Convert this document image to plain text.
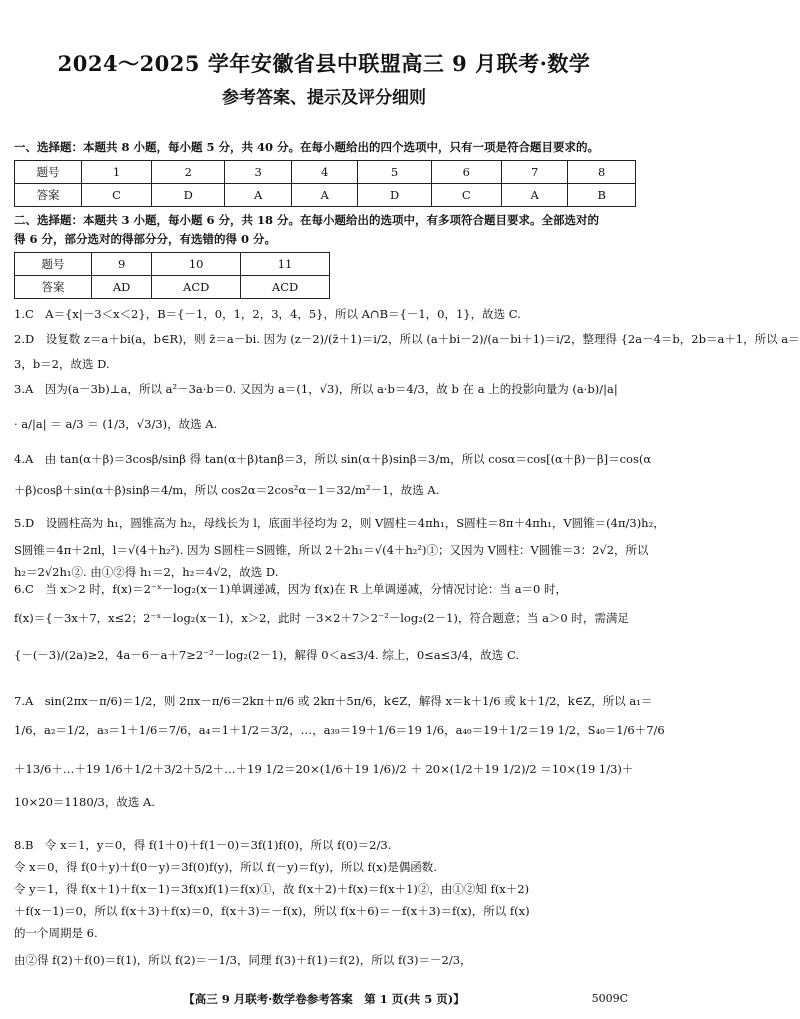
2024～2025 学年安徽省县中联盟高三 9 月联考·数学
参考答案、提示及评分细则
一、选择题：本题共 8 小题，每小题 5 分，共 40 分。在每小题给出的四个选项中，只有一项是符合题目要求的。
题号	1	2	3	4	5	6	7	8
答案	C	D	A	A	D	C	A	B
二、选择题：本题共 3 小题，每小题 6 分，共 18 分。在每小题给出的选项中，有多项符合题目要求。全部选对的
得 6 分，部分选对的得部分分，有选错的得 0 分。
题号	9	10	11
答案	AD	ACD	ACD

1.C　A＝{x|－3＜x＜2}，B＝{－1，0，1，2，3，4，5}，所以 A∩B＝{－1，0，1}，故选 C.

2.D　设复数 z＝a＋bi(a，b∈R)，则 z̄＝a－bi. 因为 (z－2)/(z̄＋1)＝i/2，所以 (a＋bi－2)/(a－bi＋1)＝i/2，整理得 {2a－4＝b，2b＝a＋1，所以 a＝

3，b＝2，故选 D.

3.A　因为(a－3b)⊥a，所以 a²－3a·b＝0. 又因为 a＝(1，√3)，所以 a·b＝4/3，故 b 在 a 上的投影向量为 (a·b)/|a|

· a/|a| ＝ a/3 ＝ (1/3，√3/3)，故选 A.

4.A　由 tan(α＋β)＝3cosβ/sinβ 得 tan(α＋β)tanβ＝3，所以 sin(α＋β)sinβ＝3/m，所以 cosα＝cos[(α＋β)－β]＝cos(α

＋β)cosβ＋sin(α＋β)sinβ＝4/m，所以 cos2α＝2cos²α－1＝32/m²－1，故选 A.

5.D　设圆柱高为 h₁，圆锥高为 h₂，母线长为 l，底面半径均为 2，则 V圆柱＝4πh₁，S圆柱＝8π＋4πh₁，V圆锥＝(4π/3)h₂，

S圆锥＝4π＋2πl，l＝√(4＋h₂²). 因为 S圆柱＝S圆锥，所以 2＋2h₁＝√(4＋h₂²)①；又因为 V圆柱：V圆锥＝3：2√2，所以

h₂＝2√2h₁②. 由①②得 h₁＝2，h₂＝4√2，故选 D.

6.C　当 x＞2 时，f(x)＝2⁻ˣ－log₂(x－1)单调递减，因为 f(x)在 R 上单调递减，分情况讨论：当 a＝0 时，

f(x)＝{－3x＋7，x≤2；2⁻ˣ－log₂(x－1)，x＞2，此时 －3×2＋7＞2⁻²－log₂(2－1)，符合题意；当 a＞0 时，需满足

{－(－3)/(2a)≥2，4a－6－a＋7≥2⁻²－log₂(2－1)，解得 0＜a≤3/4. 综上，0≤a≤3/4，故选 C.

7.A　sin(2πx－π/6)＝1/2，则 2πx－π/6＝2kπ＋π/6 或 2kπ＋5π/6，k∈Z，解得 x＝k＋1/6 或 k＋1/2，k∈Z，所以 a₁＝

1/6，a₂＝1/2，a₃＝1＋1/6＝7/6，a₄＝1＋1/2＝3/2，…，a₃₉＝19＋1/6＝19 1/6，a₄₀＝19＋1/2＝19 1/2，S₄₀＝1/6＋7/6

＋13/6＋…＋19 1/6＋1/2＋3/2＋5/2＋…＋19 1/2＝20×(1/6＋19 1/6)/2 ＋ 20×(1/2＋19 1/2)/2 ＝10×(19 1/3)＋

10×20＝1180/3，故选 A.

8.B　令 x＝1，y＝0，得 f(1＋0)＋f(1－0)＝3f(1)f(0)，所以 f(0)＝2/3.

令 x＝0，得 f(0＋y)＋f(0－y)＝3f(0)f(y)，所以 f(－y)＝f(y)，所以 f(x)是偶函数.

令 y＝1，得 f(x＋1)＋f(x－1)＝3f(x)f(1)＝f(x)①，故 f(x＋2)＋f(x)＝f(x＋1)②，由①②知 f(x＋2)

＋f(x－1)＝0，所以 f(x＋3)＋f(x)＝0，f(x＋3)＝－f(x)，所以 f(x＋6)＝－f(x＋3)＝f(x)，所以 f(x)

的一个周期是 6.

由②得 f(2)＋f(0)＝f(1)，所以 f(2)＝－1/3，同理 f(3)＋f(1)＝f(2)，所以 f(3)＝－2/3，

【高三 9 月联考·数学卷参考答案　第 1 页(共 5 页)】	5009C
